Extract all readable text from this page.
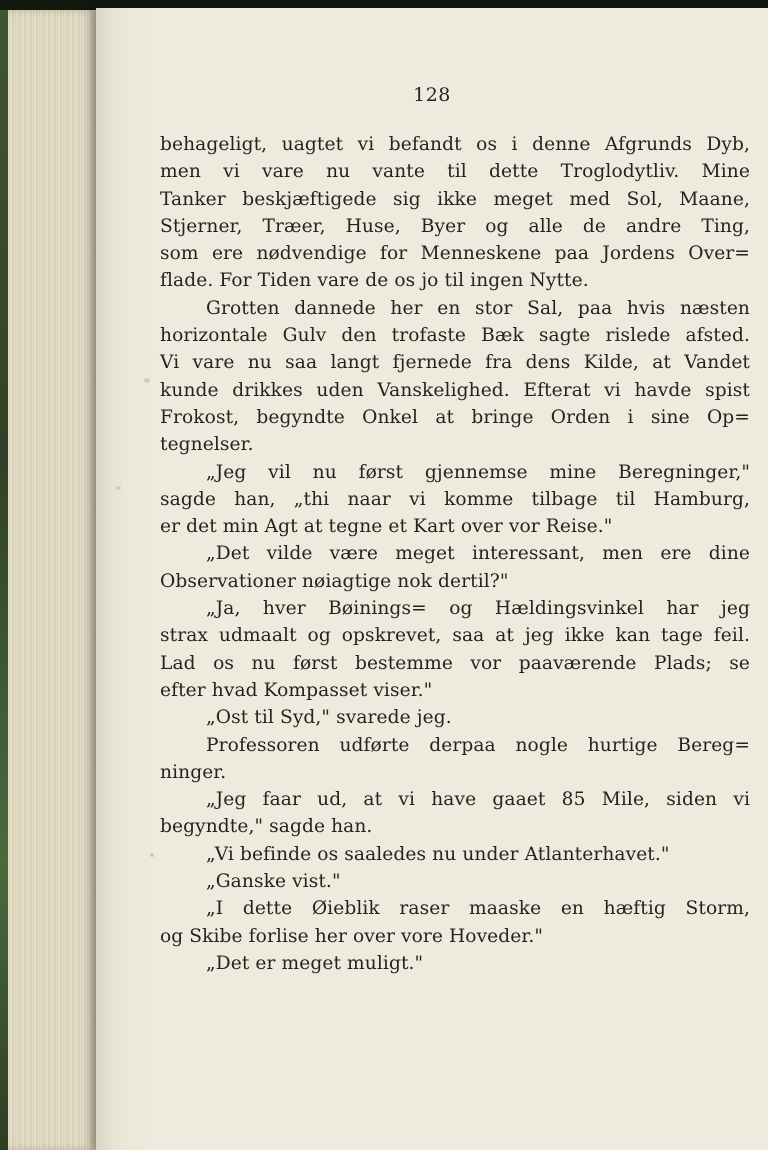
128
behageligt, uagtet vi befandt os i denne Afgrunds Dyb,
men vi vare nu vante til dette Troglodytliv. Mine
Tanker beskjæftigede sig ikke meget med Sol, Maane,
Stjerner, Træer, Huse, Byer og alle de andre Ting,
som ere nødvendige for Menneskene paa Jordens Over=
flade. For Tiden vare de os jo til ingen Nytte.
Grotten dannede her en stor Sal, paa hvis næsten
horizontale Gulv den trofaste Bæk sagte rislede afsted.
Vi vare nu saa langt fjernede fra dens Kilde, at Vandet
kunde drikkes uden Vanskelighed. Efterat vi havde spist
Frokost, begyndte Onkel at bringe Orden i sine Op=
tegnelser.
„Jeg vil nu først gjennemse mine Beregninger,"
sagde han, „thi naar vi komme tilbage til Hamburg,
er det min Agt at tegne et Kart over vor Reise."
„Det vilde være meget interessant, men ere dine
Observationer nøiagtige nok dertil?"
„Ja, hver Bøinings= og Hældingsvinkel har jeg
strax udmaalt og opskrevet, saa at jeg ikke kan tage feil.
Lad os nu først bestemme vor paaværende Plads; se
efter hvad Kompasset viser."
„Ost til Syd," svarede jeg.
Professoren udførte derpaa nogle hurtige Bereg=
ninger.
„Jeg faar ud, at vi have gaaet 85 Mile, siden vi
begyndte," sagde han.
„Vi befinde os saaledes nu under Atlanterhavet."
„Ganske vist."
„I dette Øieblik raser maaske en hæftig Storm,
og Skibe forlise her over vore Hoveder."
„Det er meget muligt."
